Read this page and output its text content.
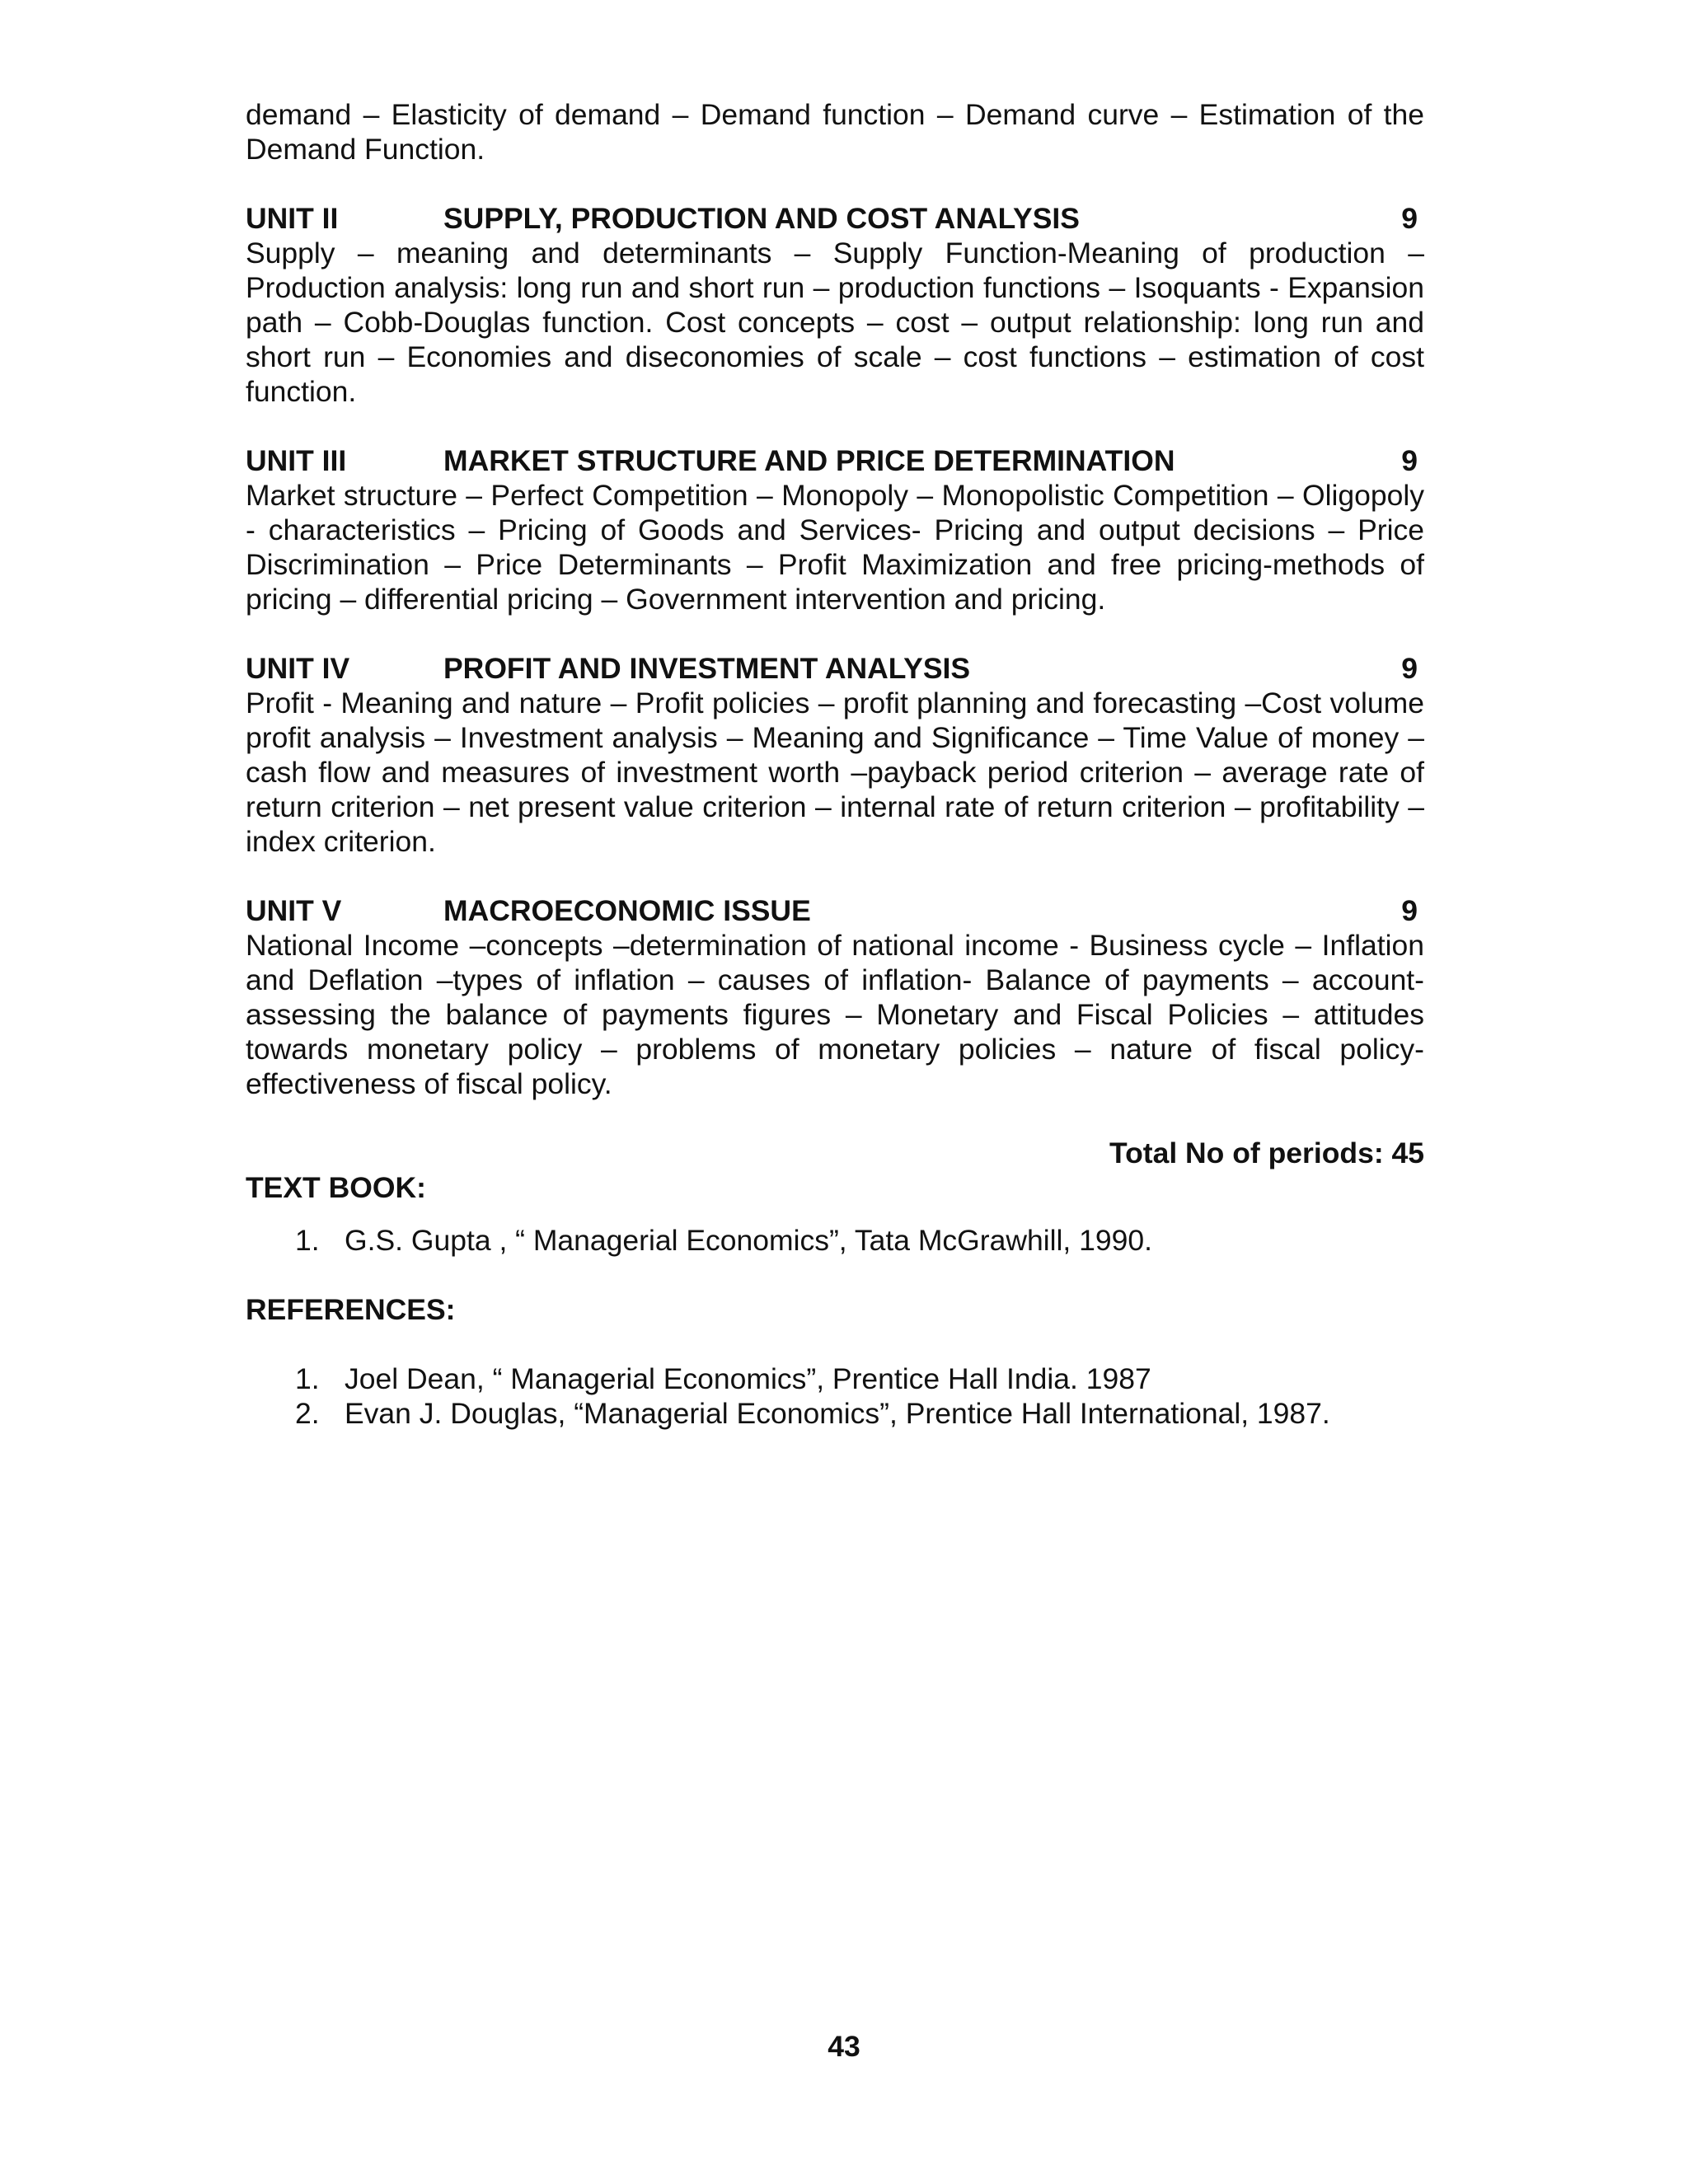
demand – Elasticity of demand – Demand function – Demand curve – Estimation of the Demand Function.

UNIT II	SUPPLY, PRODUCTION AND COST ANALYSIS	9

Supply – meaning and determinants – Supply Function-Meaning of production – Production analysis: long run and short run – production functions – Isoquants - Expansion path – Cobb-Douglas function. Cost concepts – cost – output relationship: long run and short run – Economies and diseconomies of scale – cost functions – estimation of cost function.

UNIT III	MARKET STRUCTURE AND PRICE DETERMINATION	9

Market structure – Perfect Competition – Monopoly – Monopolistic Competition – Oligopoly - characteristics – Pricing of Goods and Services- Pricing and output decisions – Price Discrimination – Price Determinants – Profit Maximization and free pricing-methods of pricing – differential pricing – Government intervention and pricing.

UNIT IV	PROFIT AND INVESTMENT ANALYSIS	9

Profit - Meaning and nature – Profit policies – profit planning and forecasting –Cost volume profit analysis – Investment analysis – Meaning and Significance – Time Value of money – cash flow and measures of investment worth –payback period criterion – average rate of return criterion – net present value criterion – internal rate of return criterion – profitability – index criterion.

UNIT V	MACROECONOMIC ISSUE	9

National Income –concepts –determination of national income - Business cycle – Inflation and Deflation –types of inflation – causes of inflation- Balance of payments – account- assessing the balance of payments figures – Monetary and Fiscal Policies – attitudes towards monetary policy – problems of monetary policies – nature of fiscal policy- effectiveness of fiscal policy.

Total No of periods: 45

TEXT BOOK:

1. G.S. Gupta , “ Managerial Economics”, Tata McGrawhill, 1990.

REFERENCES:

1. Joel Dean, “ Managerial Economics”, Prentice Hall India. 1987
2. Evan J. Douglas, “Managerial Economics”, Prentice Hall International, 1987.
43
